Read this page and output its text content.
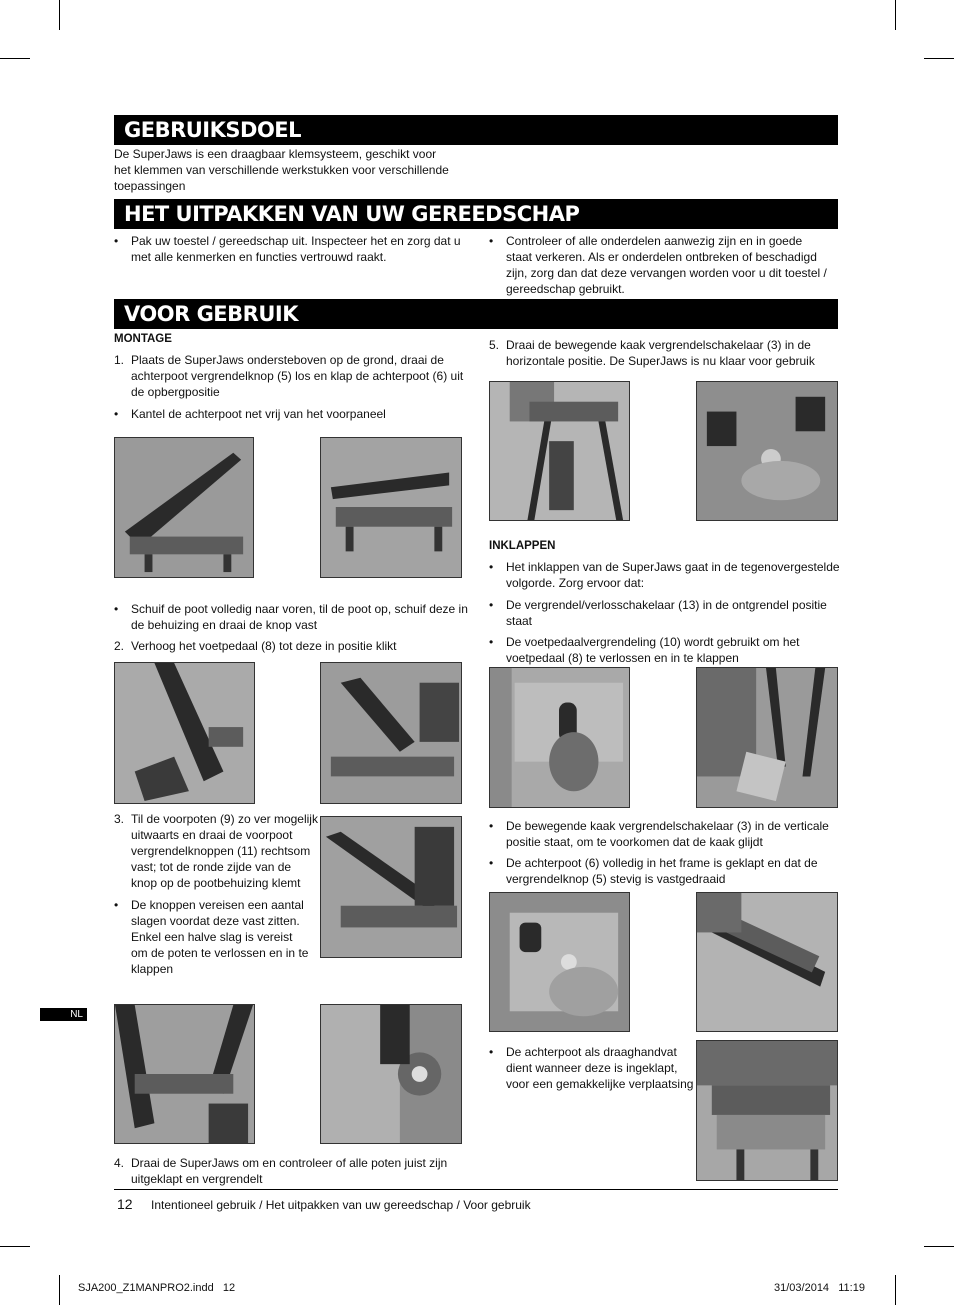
GEBRUIKSDOEL
De SuperJaws is een draagbaar klemsysteem, geschikt voor
het klemmen van verschillende werkstukken voor verschillende
toepassingen
HET UITPAKKEN VAN UW GEREEDSCHAP
• Pak uw toestel / gereedschap uit. Inspecteer het en zorg dat u
met alle kenmerken en functies vertrouwd raakt.
• Controleer of alle onderdelen aanwezig zijn en in goede
staat verkeren. Als er onderdelen ontbreken of beschadigd
zijn, zorg dan dat deze vervangen worden voor u dit toestel /
gereedschap gebruikt.
VOOR GEBRUIK
MONTAGE
1. Plaats de SuperJaws ondersteboven op de grond, draai de
achterpoot vergrendelknop (5) los en klap de achterpoot (6) uit
de opbergpositie
• Kantel de achterpoot net vrij van het voorpaneel
• Schuif de poot volledig naar voren, til de poot op, schuif deze in
de behuizing en draai de knop vast
2. Verhoog het voetpedaal (8) tot deze in positie klikt
3. Til de voorpoten (9) zo ver mogelijk
uitwaarts en draai de voorpoot
vergrendelknoppen (11) rechtsom
vast; tot de ronde zijde van de
knop op de pootbehuizing klemt
• De knoppen vereisen een aantal
slagen voordat deze vast zitten.
Enkel een halve slag is vereist
om de poten te verlossen en in te
klappen
4. Draai de SuperJaws om en controleer of alle poten juist zijn
uitgeklapt en vergrendelt
5. Draai de bewegende kaak vergrendelschakelaar (3) in de
horizontale positie. De SuperJaws is nu klaar voor gebruik
INKLAPPEN
• Het inklappen van de SuperJaws gaat in de tegenovergestelde
volgorde. Zorg ervoor dat:
• De vergrendel/verlosschakelaar (13) in de ontgrendel positie
staat
• De voetpedaalvergrendeling (10) wordt gebruikt om het
voetpedaal (8) te verlossen en in te klappen
• De bewegende kaak vergrendelschakelaar (3) in de verticale
positie staat, om te voorkomen dat de kaak glijdt
• De achterpoot (6) volledig in het frame is geklapt en dat de
vergrendelknop (5) stevig is vastgedraaid
• De achterpoot als draaghandvat
dient wanneer deze is ingeklapt,
voor een gemakkelijke verplaatsing
NL
12 Intentioneel gebruik / Het uitpakken van uw gereedschap / Voor gebruik
SJA200_Z1MANPRO2.indd   12	31/03/2014   11:19
